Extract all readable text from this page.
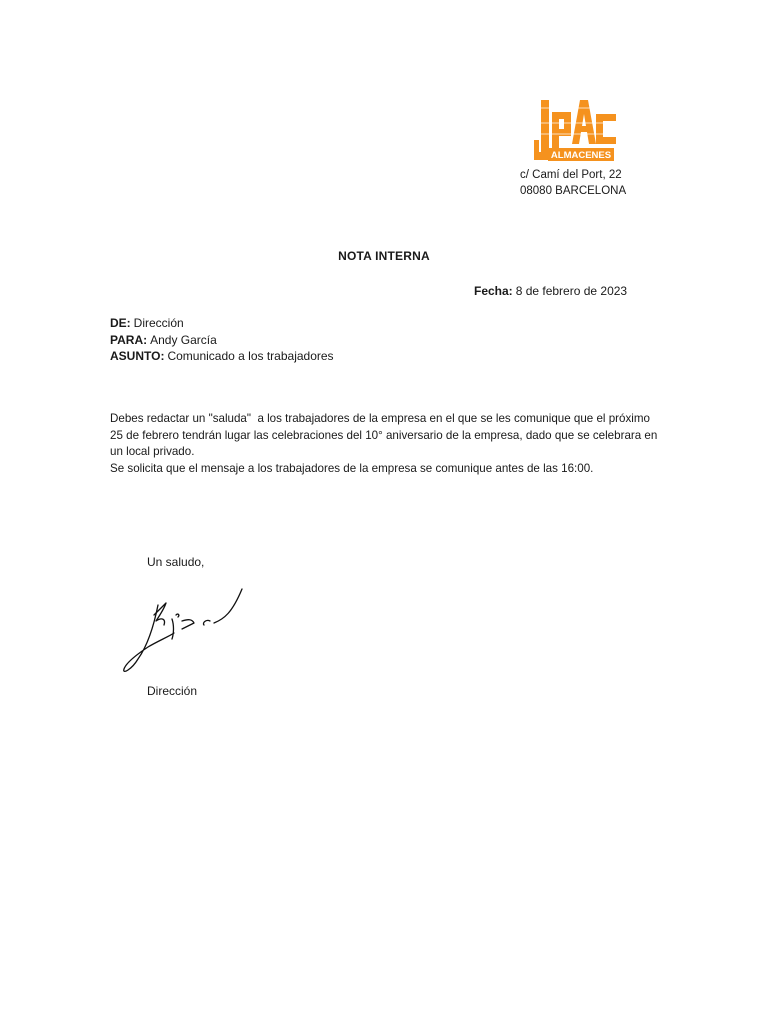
ALMACENES
c/ Camí del Port, 22
08080 BARCELONA
NOTA INTERNA
Fecha: 8 de febrero de 2023
DE: Dirección
PARA: Andy García
ASUNTO: Comunicado a los trabajadores

Debes redactar un "saluda"  a los trabajadores de la empresa en el que se les comunique que el próximo 25 de febrero tendrán lugar las celebraciones del 10° aniversario de la empresa, dado que se celebrara en un local privado.

Se solicita que el mensaje a los trabajadores de la empresa se comunique antes de las 16:00.

Un saludo,
Dirección
